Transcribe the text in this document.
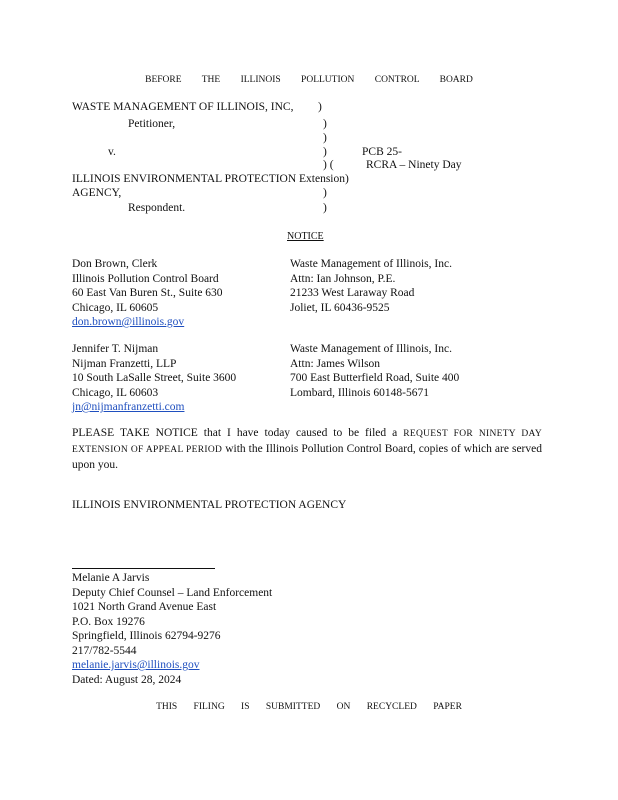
BEFORE THE ILLINOIS POLLUTION CONTROL BOARD
WASTE MANAGEMENT OF ILLINOIS, INC,
Petitioner,
v.
ILLINOIS ENVIRONMENTAL PROTECTION
AGENCY,
Respondent.
)
)
)
)
) (
)
)
PCB 25-
RCRA – Ninety Day
Extension)
NOTICE
Don Brown, Clerk
Illinois Pollution Control Board
60 East Van Buren St., Suite 630
Chicago, IL 60605
don.brown@illinois.gov
Waste Management of Illinois, Inc.
Attn: Ian Johnson, P.E.
21233 West Laraway Road
Joliet, IL 60436-9525
Jennifer T. Nijman
Nijman Franzetti, LLP
10 South LaSalle Street, Suite 3600
Chicago, IL 60603
jn@nijmanfranzetti.com
Waste Management of Illinois, Inc.
Attn: James Wilson
700 East Butterfield Road, Suite 400
Lombard, Illinois 60148-5671
PLEASE TAKE NOTICE that I have today caused to be filed a REQUEST FOR NINETY DAY EXTENSION OF APPEAL PERIOD with the Illinois Pollution Control Board, copies of which are served upon you.
ILLINOIS ENVIRONMENTAL PROTECTION AGENCY
Melanie A Jarvis
Deputy Chief Counsel – Land Enforcement
1021 North Grand Avenue East
P.O. Box 19276
Springfield, Illinois 62794-9276
217/782-5544
melanie.jarvis@illinois.gov
Dated: August 28, 2024
THIS FILING IS SUBMITTED ON RECYCLED PAPER
